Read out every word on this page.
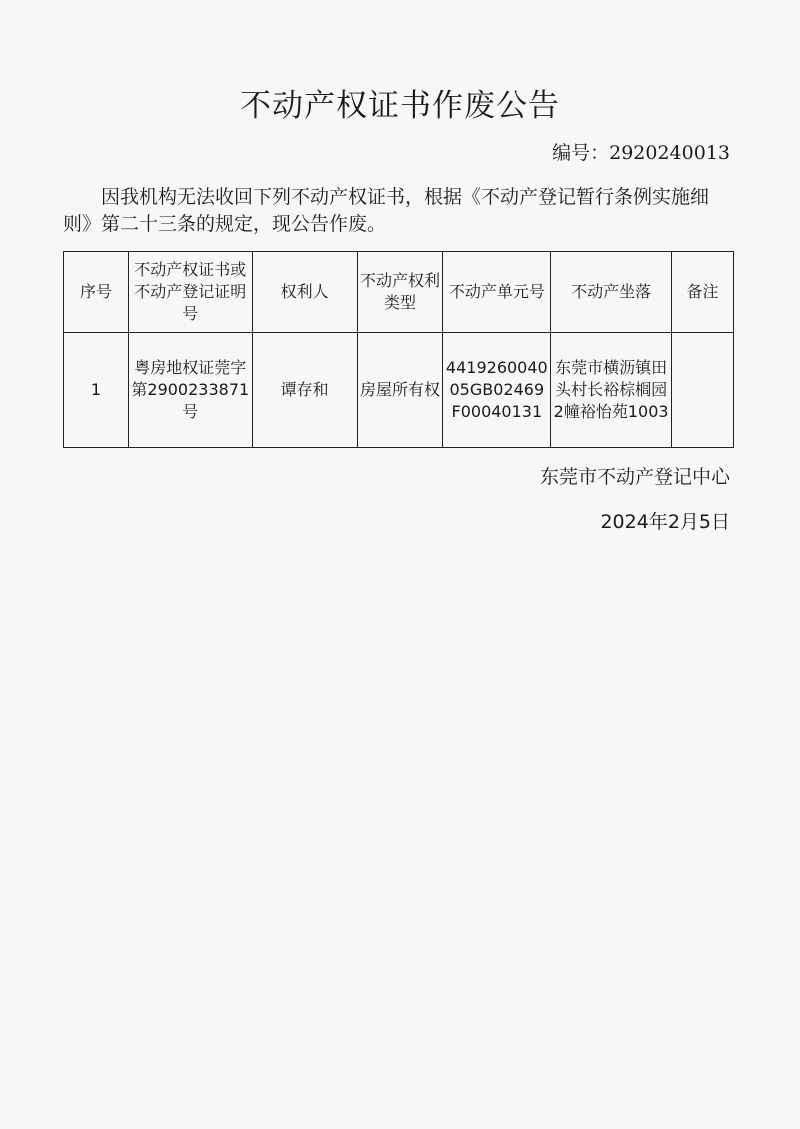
不动产权证书作废公告
编号：2920240013
因我机构无法收回下列不动产权证书，根据《不动产登记暂行条例实施细则》第二十三条的规定，现公告作废。
序号	不动产权证书或不动产登记证明号	权利人	不动产权利类型	不动产单元号	不动产坐落	备注
1	粤房地权证莞字第2900233871号	谭存和	房屋所有权	441926004005GB02469F00040131	东莞市横沥镇田头村长裕棕榈园2幢裕怡苑1003	
东莞市不动产登记中心
2024年2月5日
